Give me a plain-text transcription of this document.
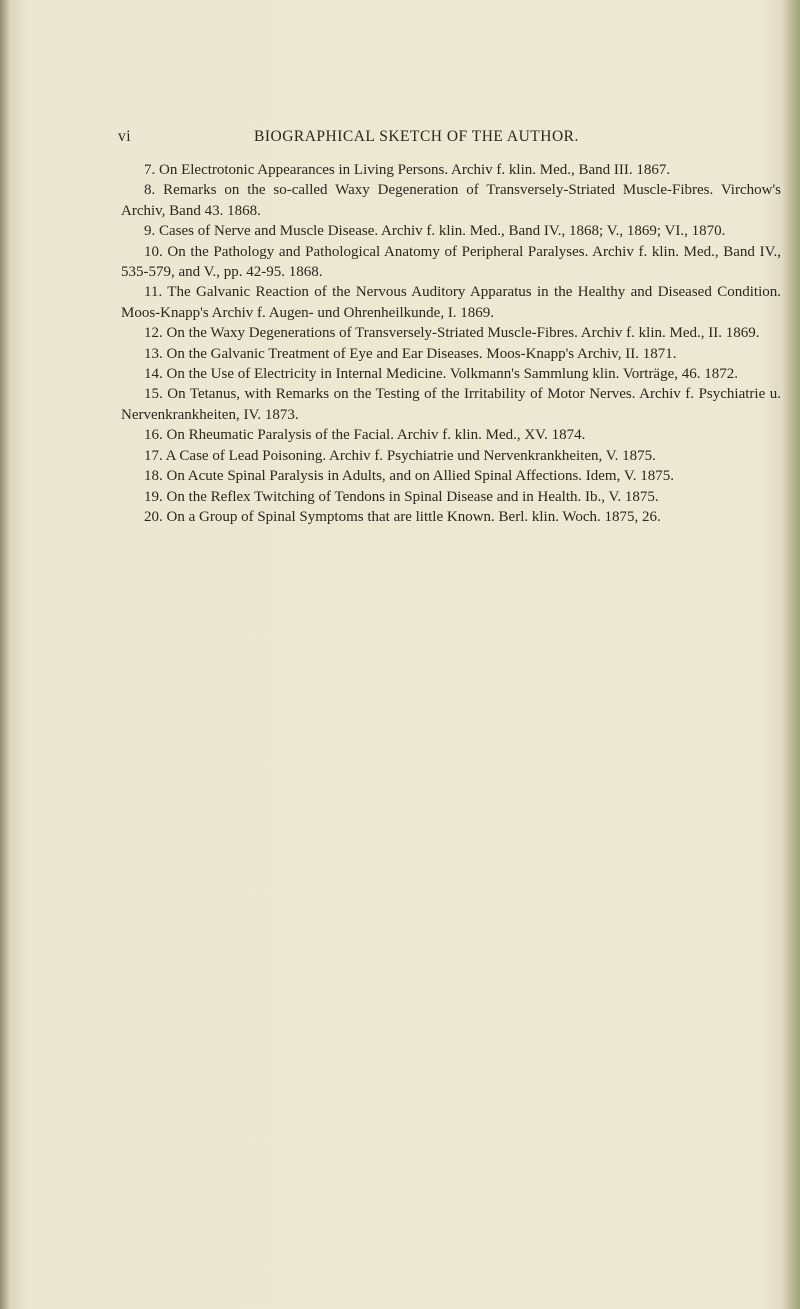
vi	BIOGRAPHICAL SKETCH OF THE AUTHOR.

7. On Electrotonic Appearances in Living Persons. Archiv f. klin. Med., Band III. 1867.

8. Remarks on the so-called Waxy Degeneration of Transversely-Striated Muscle-Fibres. Virchow's Archiv, Band 43. 1868.

9. Cases of Nerve and Muscle Disease. Archiv f. klin. Med., Band IV., 1868; V., 1869; VI., 1870.

10. On the Pathology and Pathological Anatomy of Peripheral Paralyses. Archiv f. klin. Med., Band IV., 535-579, and V., pp. 42-95. 1868.

11. The Galvanic Reaction of the Nervous Auditory Apparatus in the Healthy and Diseased Condition. Moos-Knapp's Archiv f. Augen- und Ohrenheilkunde, I. 1869.

12. On the Waxy Degenerations of Transversely-Striated Muscle-Fibres. Archiv f. klin. Med., II. 1869.

13. On the Galvanic Treatment of Eye and Ear Diseases. Moos-Knapp's Archiv, II. 1871.

14. On the Use of Electricity in Internal Medicine. Volkmann's Sammlung klin. Vorträge, 46. 1872.

15. On Tetanus, with Remarks on the Testing of the Irritability of Motor Nerves. Archiv f. Psychiatrie u. Nervenkrankheiten, IV. 1873.

16. On Rheumatic Paralysis of the Facial. Archiv f. klin. Med., XV. 1874.

17. A Case of Lead Poisoning. Archiv f. Psychiatrie und Nervenkrankheiten, V. 1875.

18. On Acute Spinal Paralysis in Adults, and on Allied Spinal Affections. Idem, V. 1875.

19. On the Reflex Twitching of Tendons in Spinal Disease and in Health. Ib., V. 1875.

20. On a Group of Spinal Symptoms that are little Known. Berl. klin. Woch. 1875, 26.
